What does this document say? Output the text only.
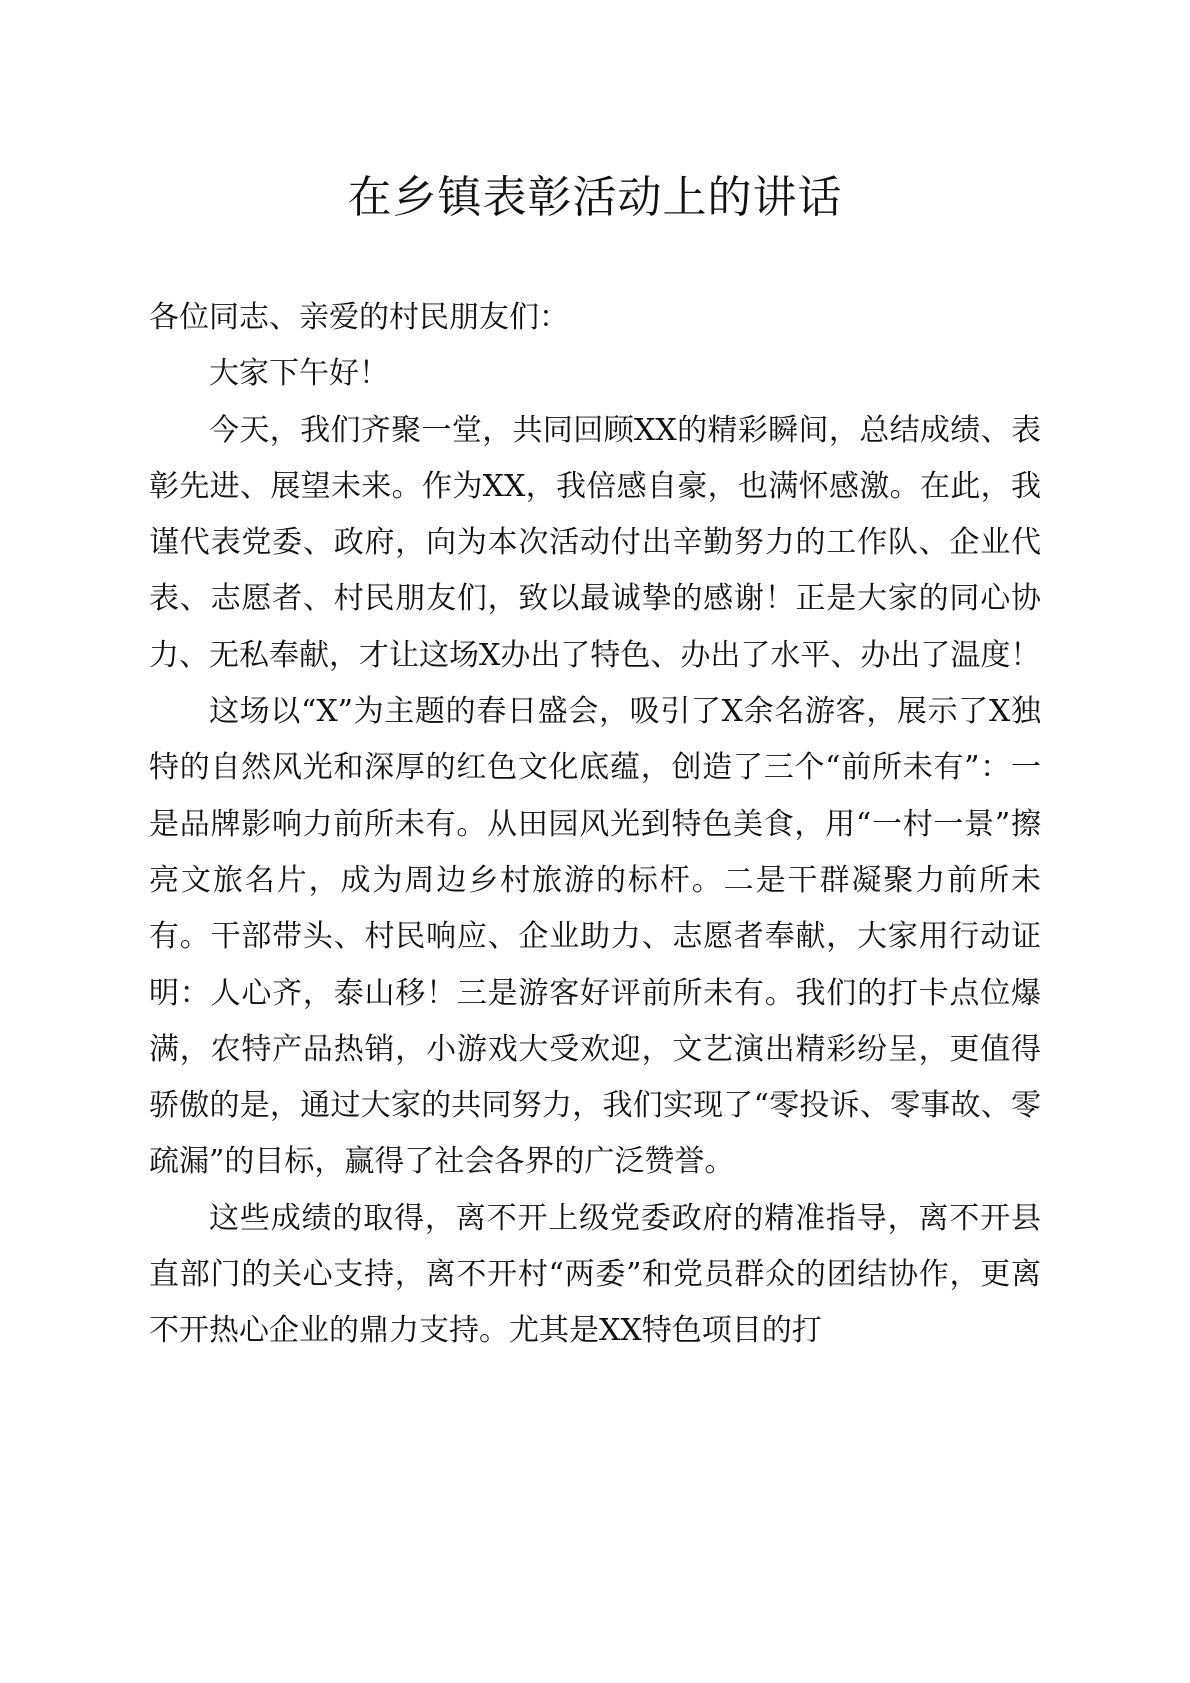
在乡镇表彰活动上的讲话

各位同志、亲爱的村民朋友们：

大家下午好！

今天，我们齐聚一堂，共同回顾XX的精彩瞬间，总结成绩、表彰先进、展望未来。作为XX，我倍感自豪，也满怀感激。在此，我谨代表党委、政府，向为本次活动付出辛勤努力的工作队、企业代表、志愿者、村民朋友们，致以最诚挚的感谢！正是大家的同心协力、无私奉献，才让这场X办出了特色、办出了水平、办出了温度！

这场以“X”为主题的春日盛会，吸引了X余名游客，展示了X独特的自然风光和深厚的红色文化底蕴，创造了三个“前所未有”：一是品牌影响力前所未有。从田园风光到特色美食，用“一村一景”擦亮文旅名片，成为周边乡村旅游的标杆。二是干群凝聚力前所未有。干部带头、村民响应、企业助力、志愿者奉献，大家用行动证明：人心齐，泰山移！三是游客好评前所未有。我们的打卡点位爆满，农特产品热销，小游戏大受欢迎，文艺演出精彩纷呈，更值得骄傲的是，通过大家的共同努力，我们实现了“零投诉、零事故、零疏漏”的目标，赢得了社会各界的广泛赞誉。

这些成绩的取得，离不开上级党委政府的精准指导，离不开县直部门的关心支持，离不开村“两委”和党员群众的团结协作，更离不开热心企业的鼎力支持。尤其是XX特色项目的打
